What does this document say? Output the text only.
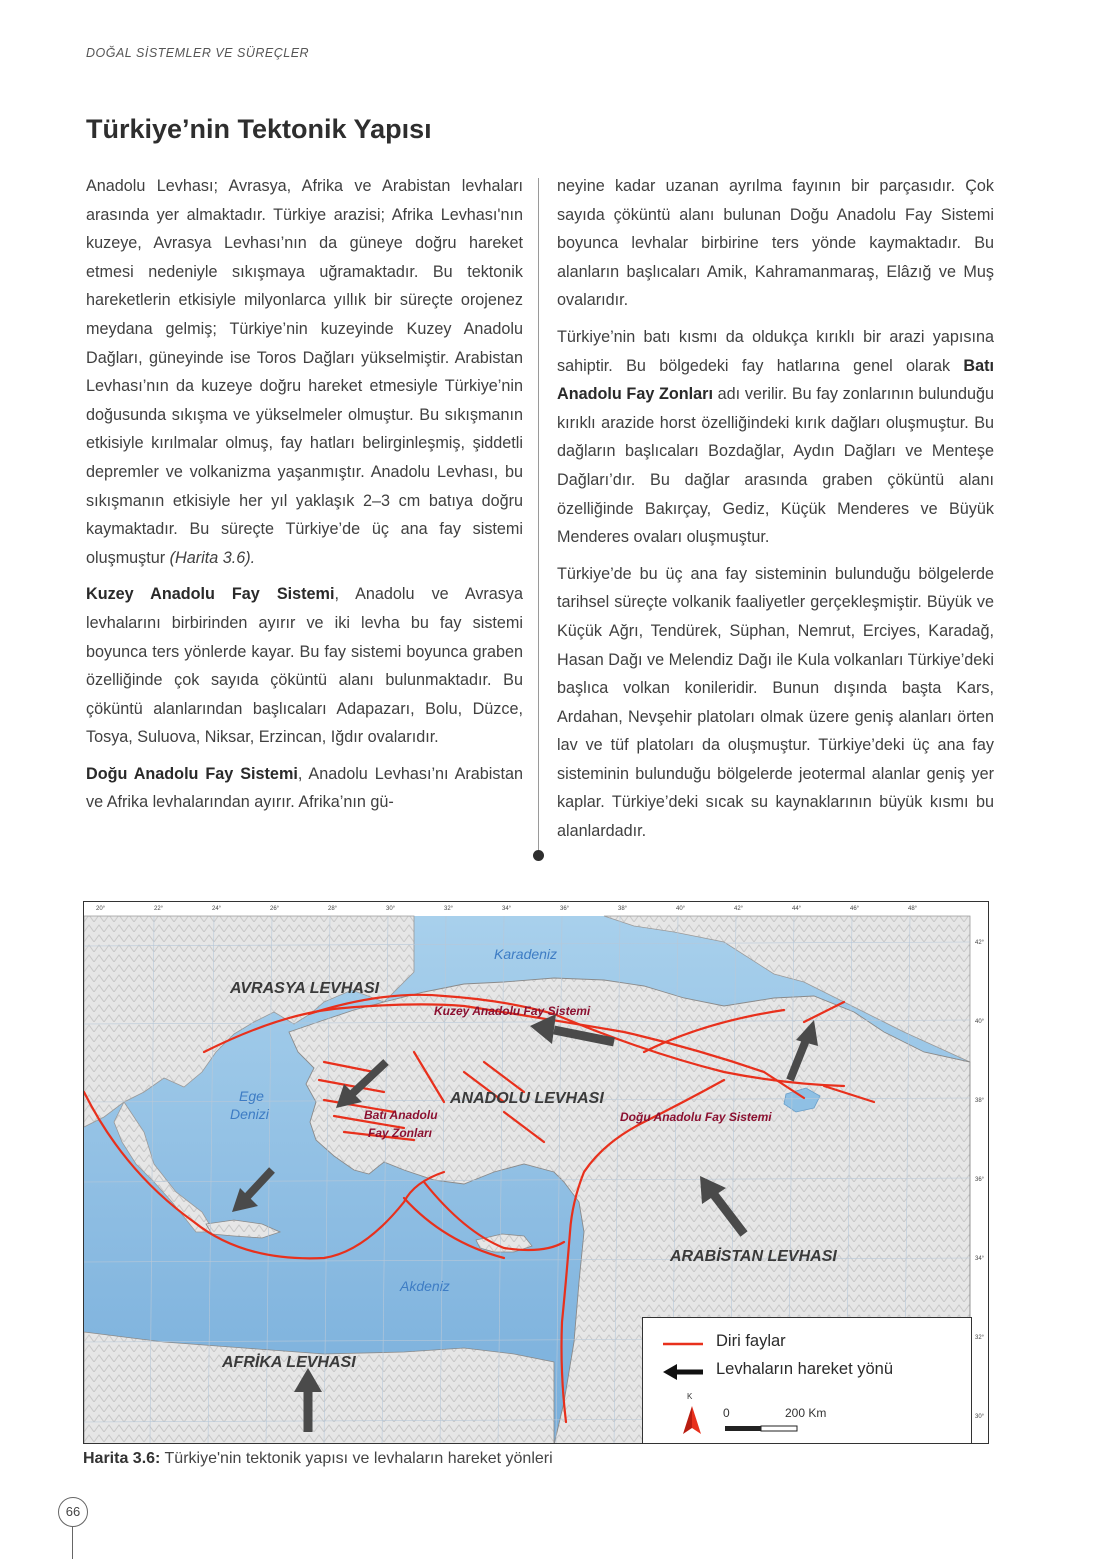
DOĞAL SİSTEMLER VE SÜREÇLER
Türkiye’nin Tektonik Yapısı

Anadolu Levhası; Avrasya, Afrika ve Arabistan levhaları arasında yer almaktadır. Türkiye arazisi; Afrika Levhası'nın kuzeye, Avrasya Levhası’nın da güneye doğru hareket etmesi nedeniyle sıkışmaya uğramaktadır. Bu tektonik hareketlerin etkisiyle milyonlarca yıllık bir süreçte orojenez meydana gelmiş; Türkiye’nin kuzeyinde Kuzey Anadolu Dağları, güneyinde ise Toros Dağları yükselmiştir. Arabistan Levhası’nın da kuzeye doğru hareket etmesiyle Türkiye’nin doğusunda sıkışma ve yükselmeler olmuştur. Bu sıkışmanın etkisiyle kırılmalar olmuş, fay hatları belirginleşmiş, şiddetli depremler ve volkanizma yaşanmıştır. Anadolu Levhası, bu sıkışmanın etkisiyle her yıl yaklaşık 2–3 cm batıya doğru kaymaktadır. Bu süreçte Türkiye’de üç ana fay sistemi oluşmuştur (Harita 3.6).

Kuzey Anadolu Fay Sistemi, Anadolu ve Avrasya levhalarını birbirinden ayırır ve iki levha bu fay sistemi boyunca ters yönlerde kayar. Bu fay sistemi boyunca graben özelliğinde çok sayıda çöküntü alanı bulunmaktadır. Bu çöküntü alanlarından başlıcaları Adapazarı, Bolu, Düzce, Tosya, Suluova, Niksar, Erzincan, Iğdır ovalarıdır.

Doğu Anadolu Fay Sistemi, Anadolu Levhası’nı Arabistan ve Afrika levhalarından ayırır. Afrika’nın gü-

neyine kadar uzanan ayrılma fayının bir parçasıdır. Çok sayıda çöküntü alanı bulunan Doğu Anadolu Fay Sistemi boyunca levhalar birbirine ters yönde kaymaktadır. Bu alanların başlıcaları Amik, Kahramanmaraş, Elâzığ ve Muş ovalarıdır.

Türkiye’nin batı kısmı da oldukça kırıklı bir arazi yapısına sahiptir. Bu bölgedeki fay hatlarına genel olarak Batı Anadolu Fay Zonları adı verilir. Bu fay zonlarının bulunduğu kırıklı arazide horst özelliğindeki kırık dağları oluşmuştur. Bu dağların başlıcaları Bozdağlar, Aydın Dağları ve Menteşe Dağları’dır. Bu dağlar arasında graben çöküntü alanı özelliğinde Bakırçay, Gediz, Küçük Menderes ve Büyük Menderes ovaları oluşmuştur.

Türkiye’de bu üç ana fay sisteminin bulunduğu bölgelerde tarihsel süreçte volkanik faaliyetler gerçekleşmiştir. Büyük ve Küçük Ağrı, Tendürek, Süphan, Nemrut, Erciyes, Karadağ, Hasan Dağı ve Melendiz Dağı ile Kula volkanları Türkiye’deki başlıca volkan konileridir. Bunun dışında başta Kars, Ardahan, Nevşehir platoları olmak üzere geniş alanları örten lav ve tüf platoları da oluşmuştur. Türkiye’deki üç ana fay sisteminin bulunduğu bölgelerde jeotermal alanlar geniş yer kaplar. Türkiye’deki sıcak su kaynaklarının büyük kısmı bu alanlardadır.

20°	22°	24°	26°	28°	30°	32°	34°	36°	38°	40°	42°	44°	46°	48°
42°
40°
38°
36°
34°
32°
30°
Karadeniz
AVRASYA LEVHASI
Kuzey Anadolu Fay Sistemi
Ege
Denizi
ANADOLU LEVHASI
Batı Anadolu
Fay Zonları
Doğu Anadolu Fay Sistemi
ARABİSTAN LEVHASI
Akdeniz
AFRİKA LEVHASI
Diri faylar
Levhaların hareket yönü
K
0	200 Km
Harita 3.6: Türkiye'nin tektonik yapısı ve levhaların hareket yönleri
66
